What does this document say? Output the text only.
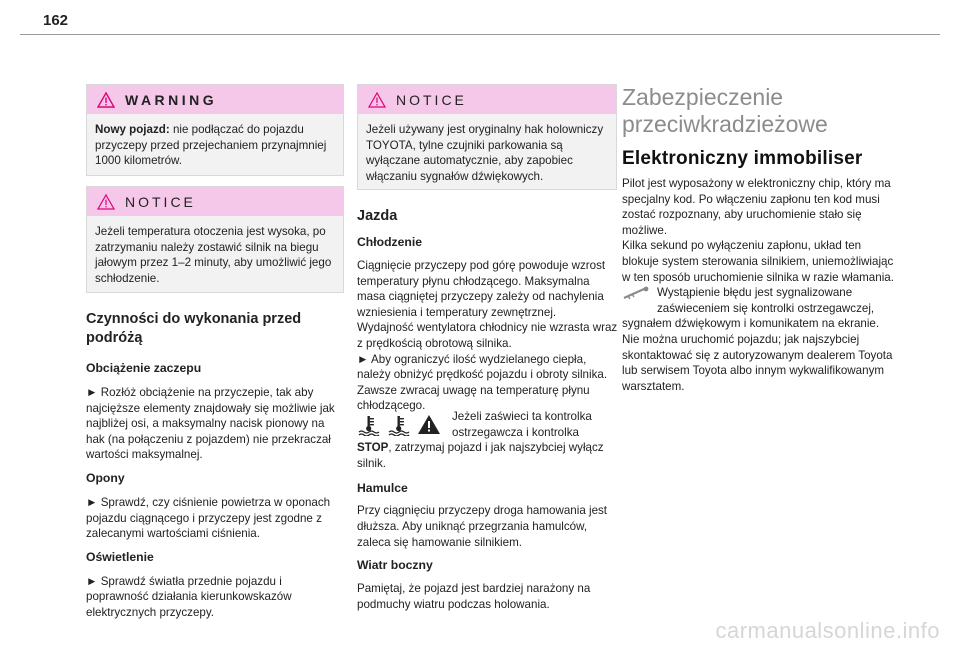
162
WARNING
Nowy pojazd: nie podłączać do pojazdu przyczepy przed przejechaniem przynajmniej 1000 kilometrów.
NOTICE
Jeżeli temperatura otoczenia jest wysoka, po zatrzymaniu należy zostawić silnik na biegu jałowym przez 1–2 minuty, aby umożliwić jego schłodzenie.

Czynności do wykonania przed
podróżą

Obciążenie zaczepu

► Rozłóż obciążenie na przyczepie, tak aby najcięższe elementy znajdowały się możliwie jak najbliżej osi, a maksymalny nacisk pionowy na hak (na połączeniu z pojazdem) nie przekraczał wartości maksymalnej.

Opony

► Sprawdź, czy ciśnienie powietrza w oponach pojazdu ciągnącego i przyczepy jest zgodne z zalecanymi wartościami ciśnienia.

Oświetlenie

► Sprawdź światła przednie pojazdu i poprawność działania kierunkowskazów elektrycznych przyczepy.

NOTICE
Jeżeli używany jest oryginalny hak holowniczy TOYOTA, tylne czujniki parkowania są wyłączane automatycznie, aby zapobiec włączaniu sygnałów dźwiękowych.

Jazda

Chłodzenie

Ciągnięcie przyczepy pod górę powoduje wzrost temperatury płynu chłodzącego. Maksymalna masa ciągniętej przyczepy zależy od nachylenia wzniesienia i temperatury zewnętrznej.

Wydajność wentylatora chłodnicy nie wzrasta wraz z prędkością obrotową silnika.

► Aby ograniczyć ilość wydzielanego ciepła, należy obniżyć prędkość pojazdu i obroty silnika.

Zawsze zwracaj uwagę na temperaturę płynu chłodzącego.

Jeżeli zaświeci ta kontrolka

ostrzegawcza i kontrolka

STOP, zatrzymaj pojazd i jak najszybciej wyłącz silnik.

Hamulce

Przy ciągnięciu przyczepy droga hamowania jest dłuższa. Aby uniknąć przegrzania hamulców, zaleca się hamowanie silnikiem.

Wiatr boczny

Pamiętaj, że pojazd jest bardziej narażony na podmuchy wiatru podczas holowania.

Zabezpieczenie
przeciwkradzieżowe

Elektroniczny immobiliser

Pilot jest wyposażony w elektroniczny chip, który ma specjalny kod. Po włączeniu zapłonu ten kod musi zostać rozpoznany, aby uruchomienie stało się możliwe.

Kilka sekund po wyłączeniu zapłonu, układ ten blokuje system sterowania silnikiem, uniemożliwiając w ten sposób uruchomienie silnika w razie włamania.

Wystąpienie błędu jest sygnalizowane

zaświeceniem się kontrolki ostrzegawczej,

sygnałem dźwiękowym i komunikatem na ekranie.

Nie można uruchomić pojazdu; jak najszybciej skontaktować się z autoryzowanym dealerem Toyota lub serwisem Toyota albo innym wykwalifikowanym warsztatem.

carmanualsonline.info
